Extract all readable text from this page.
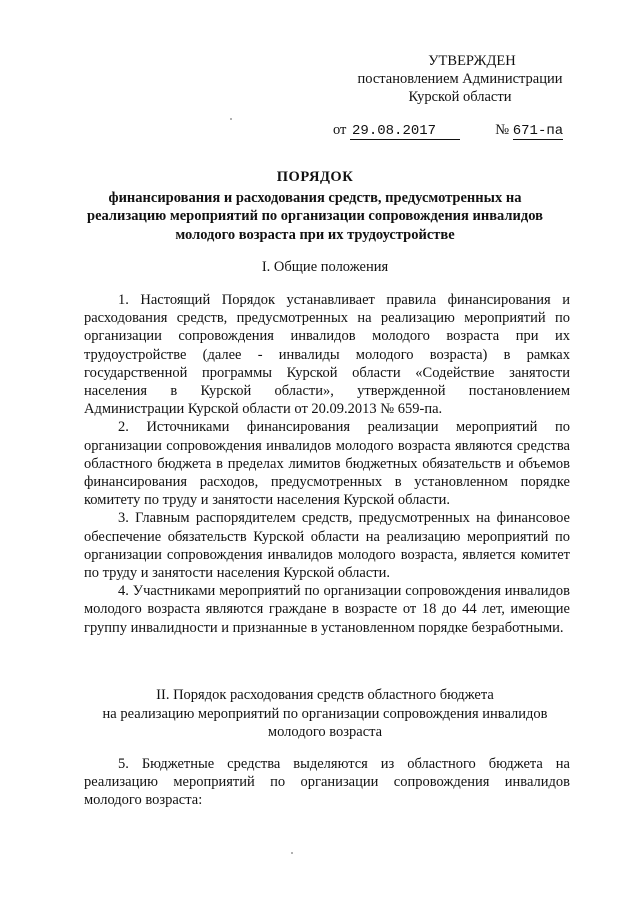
УТВЕРЖДЕН
постановлением Администрации
Курской области
от 29.08.2017	№ 671-па
ПОРЯДОК
финансирования и расходования средств, предусмотренных на
реализацию мероприятий по организации сопровождения инвалидов
молодого возраста при их трудоустройстве
I. Общие положения

1. Настоящий Порядок устанавливает правила финансирования и расходования средств, предусмотренных на реализацию мероприятий по организации сопровождения инвалидов молодого возраста при их трудоустройстве (далее - инвалиды молодого возраста) в рамках государственной программы Курской области «Содействие занятости населения в Курской области», утвержденной постановлением Администрации Курской области от 20.09.2013 № 659-па.

2. Источниками финансирования реализации мероприятий по организации сопровождения инвалидов молодого возраста являются средства областного бюджета в пределах лимитов бюджетных обязательств и объемов финансирования расходов, предусмотренных в установленном порядке комитету по труду и занятости населения Курской области.

3. Главным распорядителем средств, предусмотренных на финансовое обеспечение обязательств Курской области на реализацию мероприятий по организации сопровождения инвалидов молодого возраста, является комитет по труду и занятости населения Курской области.

4. Участниками мероприятий по организации сопровождения инвалидов молодого возраста являются граждане в возрасте от 18 до 44 лет, имеющие группу инвалидности и признанные в установленном порядке безработными.

II. Порядок расходования средств областного бюджета
на реализацию мероприятий по организации сопровождения инвалидов
молодого возраста

5. Бюджетные средства выделяются из областного бюджета на реализацию мероприятий по организации сопровождения инвалидов молодого возраста:
